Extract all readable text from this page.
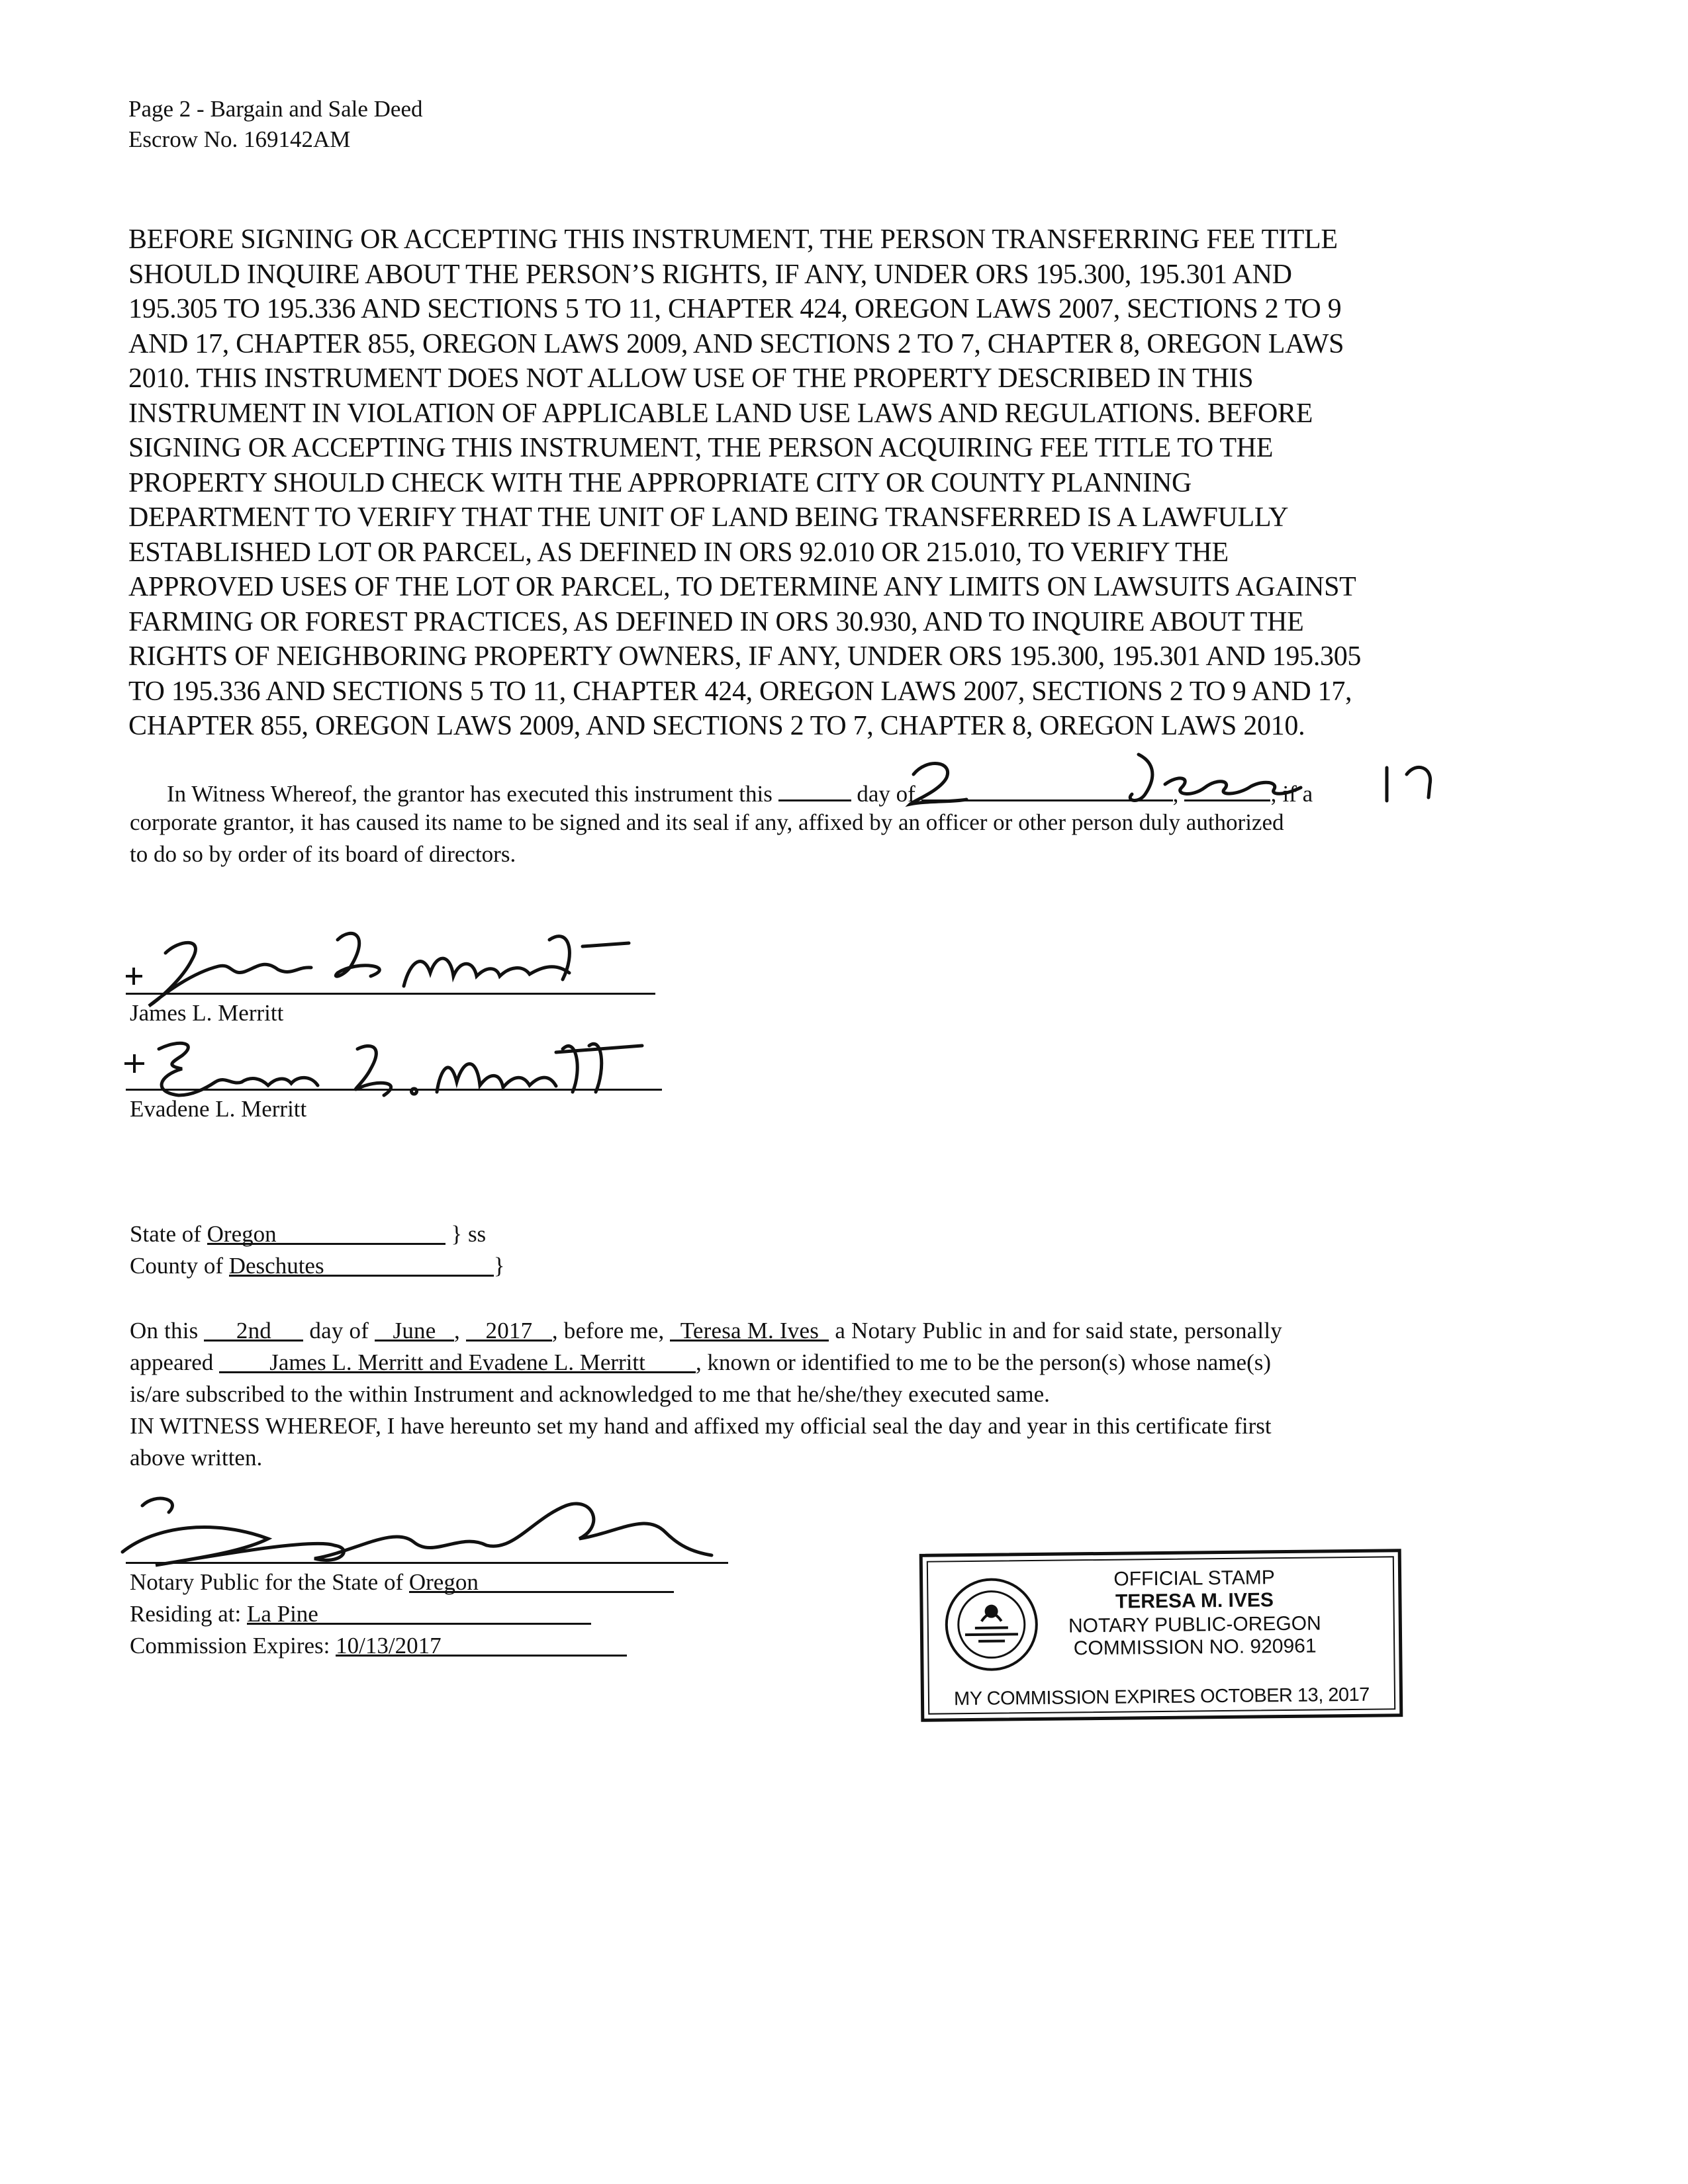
Page 2 - Bargain and Sale Deed
Escrow No. 169142AM
BEFORE SIGNING OR ACCEPTING THIS INSTRUMENT, THE PERSON TRANSFERRING FEE TITLE
SHOULD INQUIRE ABOUT THE PERSON’S RIGHTS, IF ANY, UNDER ORS 195.300, 195.301 AND
195.305 TO 195.336 AND SECTIONS 5 TO 11, CHAPTER 424, OREGON LAWS 2007, SECTIONS 2 TO 9
AND 17, CHAPTER 855, OREGON LAWS 2009, AND SECTIONS 2 TO 7, CHAPTER 8, OREGON LAWS
2010. THIS INSTRUMENT DOES NOT ALLOW USE OF THE PROPERTY DESCRIBED IN THIS
INSTRUMENT IN VIOLATION OF APPLICABLE LAND USE LAWS AND REGULATIONS. BEFORE
SIGNING OR ACCEPTING THIS INSTRUMENT, THE PERSON ACQUIRING FEE TITLE TO THE
PROPERTY SHOULD CHECK WITH THE APPROPRIATE CITY OR COUNTY PLANNING
DEPARTMENT TO VERIFY THAT THE UNIT OF LAND BEING TRANSFERRED IS A LAWFULLY
ESTABLISHED LOT OR PARCEL, AS DEFINED IN ORS 92.010 OR 215.010, TO VERIFY THE
APPROVED USES OF THE LOT OR PARCEL, TO DETERMINE ANY LIMITS ON LAWSUITS AGAINST
FARMING OR FOREST PRACTICES, AS DEFINED IN ORS 30.930, AND TO INQUIRE ABOUT THE
RIGHTS OF NEIGHBORING PROPERTY OWNERS, IF ANY, UNDER ORS 195.300, 195.301 AND 195.305
TO 195.336 AND SECTIONS 5 TO 11, CHAPTER 424, OREGON LAWS 2007, SECTIONS 2 TO 9 AND 17,
CHAPTER 855, OREGON LAWS 2009, AND SECTIONS 2 TO 7, CHAPTER 8, OREGON LAWS 2010.
In Witness Whereof, the grantor has executed this instrument this	day of	,	; if a
corporate grantor, it has caused its name to be signed and its seal if any, affixed by an officer or other person duly authorized
to do so by order of its board of directors.
James L. Merritt
Evadene L. Merritt
State of Oregon	} ss
County of Deschutes	}
On this 2nd day of June , 2017 , before me, Teresa M. Ives a Notary Public in and for said state, personally
appeared James L. Merritt and Evadene L. Merritt , known or identified to me to be the person(s) whose name(s)
is/are subscribed to the within Instrument and acknowledged to me that he/she/they executed same.
IN WITNESS WHEREOF, I have hereunto set my hand and affixed my official seal the day and year in this certificate first
above written.
Notary Public for the State of Oregon
Residing at: La Pine
Commission Expires: 10/13/2017
OFFICIAL STAMP
TERESA M. IVES
NOTARY PUBLIC-OREGON
COMMISSION NO. 920961
MY COMMISSION EXPIRES OCTOBER 13, 2017
